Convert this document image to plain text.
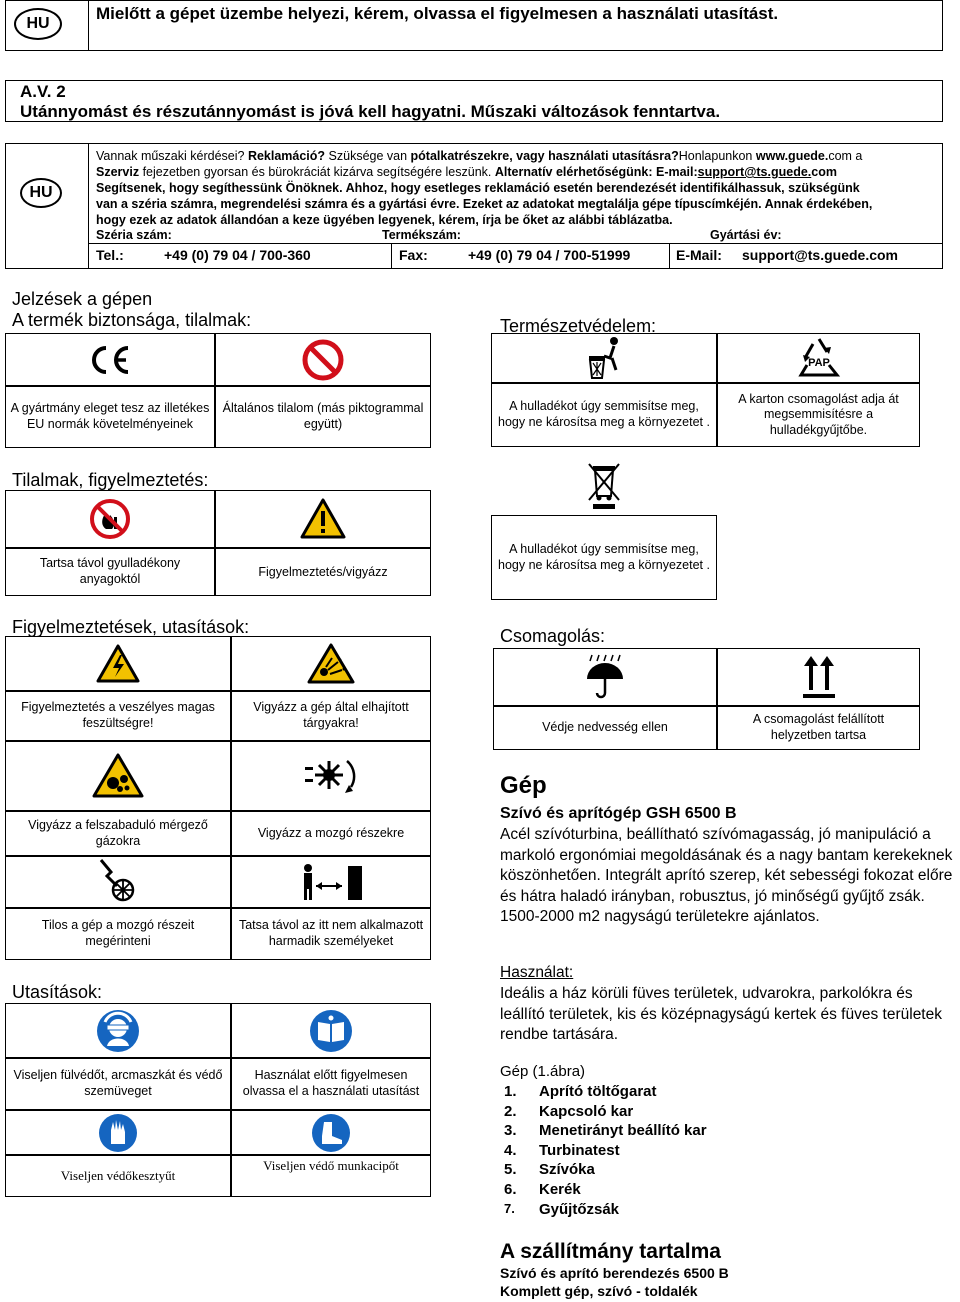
HU
Mielőtt a gépet üzembe helyezi, kérem, olvassa el figyelmesen a használati utasítást.
A.V. 2
Utánnyomást és részutánnyomást is jóvá kell hagyatni. Műszaki változások fenntartva.
HU
Vannak műszaki kérdései? Reklamáció? Szüksége van pótalkatrészekre, vagy használati utasításra?Honlapunkon www.guede.com a
Szerviz fejezetben gyorsan és bürokráciát kizárva segítségére leszünk. Alternatív elérhetőségünk: E-mail:support@ts.guede.com
Segítsenek, hogy segíthessünk Önöknek. Ahhoz, hogy esetleges reklamáció esetén berendezését identifikálhassuk, szükségünk
van a széria számra, megrendelési számra és a gyártási évre. Ezeket az adatokat megtalálja gépe típuscímkéjén. Annak érdekében,
hogy ezek az adatok állandóan a keze ügyében legyenek, kérem, írja be őket az alábbi táblázatba.
Széria szám:	Termékszám:	Gyártási év:
Tel.:	+49 (0) 79 04 / 700-360	Fax:	+49 (0) 79 04 / 700-51999	E-Mail: support@ts.guede.com
Jelzések a gépen
A termék biztonsága, tilalmak:	Természetvédelem:
A gyártmány eleget tesz az illetékes EU normák követelményeinek
Általános tilalom (más piktogrammal együtt)
PAP
A hulladékot úgy semmisítse meg, hogy ne károsítsa meg a környezetet .
A karton csomagolást adja át megsemmisítésre a hulladékgyűjtőbe.
Tilalmak, figyelmeztetés:
Tartsa távol gyulladékony anyagoktól	Figyelmeztetés/vigyázz
A hulladékot úgy semmisítse meg, hogy ne károsítsa meg a környezetet .
Figyelmeztetések, utasítások:	Csomagolás:
Figyelmeztetés a veszélyes magas feszültségre!
Vigyázz a gép által elhajított tárgyakra!	Védje nedvesség ellen
A csomagolást felállított helyzetben tartsa
Vigyázz a felszabaduló mérgező gázokra
Vigyázz a mozgó részekre
Tilos a gép a mozgó részeit megérinteni
Tatsa távol az itt nem alkalmazott harmadik személyeket
Utasítások:
Viseljen fülvédőt, arcmaszkát és védő szemüveget
Használat előtt figyelmesen olvassa el a használati utasítást
Viseljen védőkesztyűt
Viseljen védő munkacipőt
Gép
Szívó és aprítógép GSH 6500 B
Acél szívóturbina, beállítható szívómagasság, jó manipuláció a markoló ergonómiai megoldásának és a nagy bantam kerekeknek köszönhetően. Integrált aprító szerep, két sebességi fokozat előre és hátra haladó irányban, robusztus, jó minőségű gyűjtő zsák. 1500-2000 m2 nagyságú területekre ajánlatos.
Használat:
Ideális a ház körüli füves területek, udvarokra, parkolókra és leállító területek, kis és középnagyságú kertek és füves területek rendbe tartására.
Gép (1.ábra)
1.	Aprító töltőgarat
2.	Kapcsoló kar
3.	Menetirányt beállító kar
4.	Turbinatest
5.	Szívóka
6.	Kerék
7.	Gyűjtőzsák
A szállítmány tartalma
Szívó és aprító berendezés 6500 B
Komplett gép, szívó - toldalék
